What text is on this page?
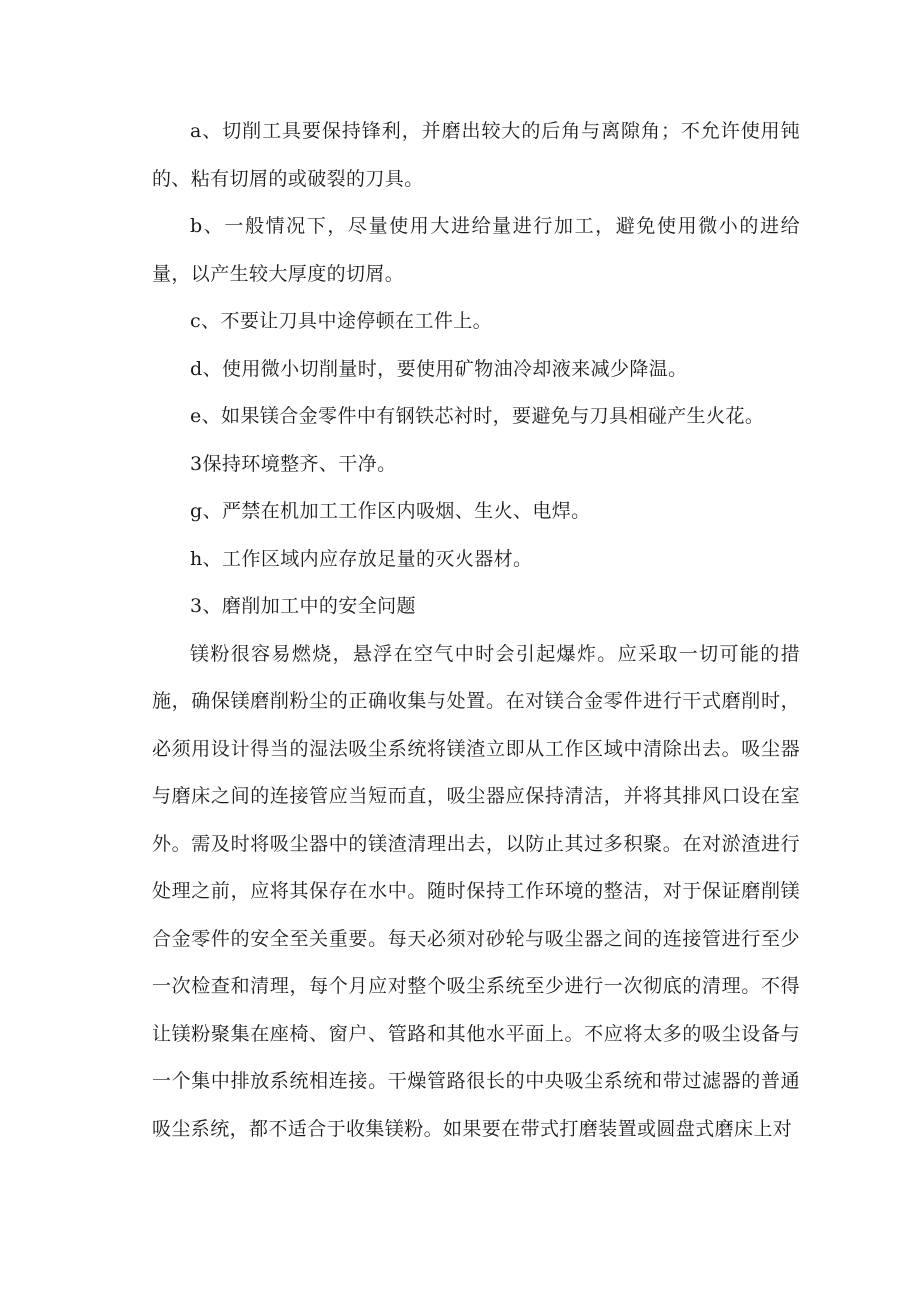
a、切削工具要保持锋利，并磨出较大的后角与离隙角；不允许使用钝的、粘有切屑的或破裂的刀具。

b、一般情况下，尽量使用大进给量进行加工，避免使用微小的进给量，以产生较大厚度的切屑。

c、不要让刀具中途停顿在工件上。

d、使用微小切削量时，要使用矿物油冷却液来减少降温。

e、如果镁合金零件中有钢铁芯衬时，要避免与刀具相碰产生火花。

3保持环境整齐、干净。

g、严禁在机加工工作区内吸烟、生火、电焊。

h、工作区域内应存放足量的灭火器材。

3、磨削加工中的安全问题

镁粉很容易燃烧，悬浮在空气中时会引起爆炸。应采取一切可能的措施，确保镁磨削粉尘的正确收集与处置。在对镁合金零件进行干式磨削时，必须用设计得当的湿法吸尘系统将镁渣立即从工作区域中清除出去。吸尘器与磨床之间的连接管应当短而直，吸尘器应保持清洁，并将其排风口设在室外。需及时将吸尘器中的镁渣清理出去，以防止其过多积聚。在对淤渣进行处理之前，应将其保存在水中。随时保持工作环境的整洁，对于保证磨削镁合金零件的安全至关重要。每天必须对砂轮与吸尘器之间的连接管进行至少一次检查和清理，每个月应对整个吸尘系统至少进行一次彻底的清理。不得让镁粉聚集在座椅、窗户、管路和其他水平面上。不应将太多的吸尘设备与一个集中排放系统相连接。干燥管路很长的中央吸尘系统和带过滤器的普通吸尘系统，都不适合于收集镁粉。如果要在带式打磨装置或圆盘式磨床上对
